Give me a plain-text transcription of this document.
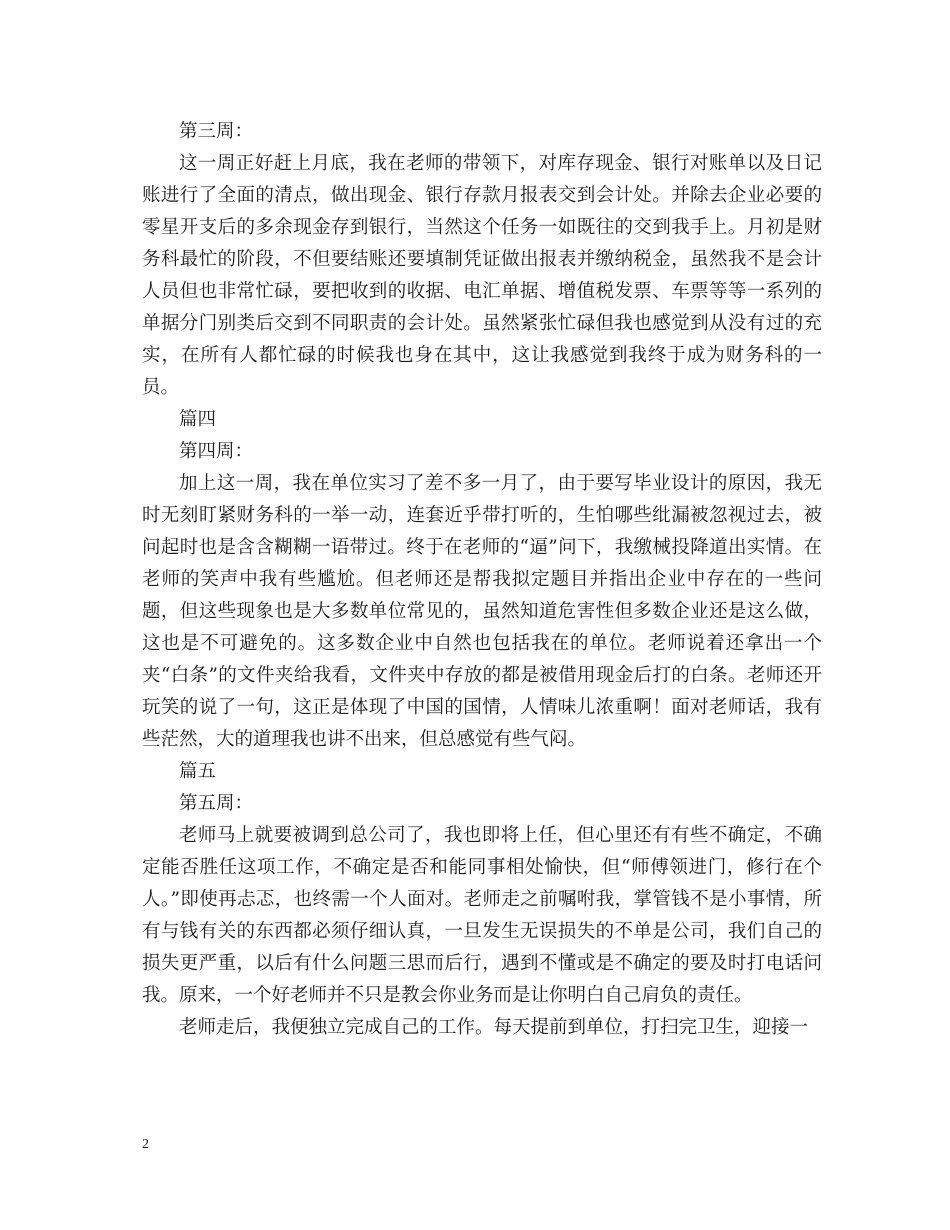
第三周：

这一周正好赶上月底，我在老师的带领下，对库存现金、银行对账单以及日记账进行了全面的清点，做出现金、银行存款月报表交到会计处。并除去企业必要的零星开支后的多余现金存到银行，当然这个任务一如既往的交到我手上。月初是财务科最忙的阶段，不但要结账还要填制凭证做出报表并缴纳税金，虽然我不是会计人员但也非常忙碌，要把收到的收据、电汇单据、增值税发票、车票等等一系列的单据分门别类后交到不同职责的会计处。虽然紧张忙碌但我也感觉到从没有过的充实，在所有人都忙碌的时候我也身在其中，这让我感觉到我终于成为财务科的一员。

篇四

第四周：

加上这一周，我在单位实习了差不多一月了，由于要写毕业设计的原因，我无时无刻盯紧财务科的一举一动，连套近乎带打听的，生怕哪些纰漏被忽视过去，被问起时也是含含糊糊一语带过。终于在老师的“逼”问下，我缴械投降道出实情。在老师的笑声中我有些尴尬。但老师还是帮我拟定题目并指出企业中存在的一些问题，但这些现象也是大多数单位常见的，虽然知道危害性但多数企业还是这么做，这也是不可避免的。这多数企业中自然也包括我在的单位。老师说着还拿出一个夹“白条”的文件夹给我看，文件夹中存放的都是被借用现金后打的白条。老师还开玩笑的说了一句，这正是体现了中国的国情，人情味儿浓重啊！面对老师话，我有些茫然，大的道理我也讲不出来，但总感觉有些气闷。

篇五

第五周：

老师马上就要被调到总公司了，我也即将上任，但心里还有有些不确定，不确定能否胜任这项工作，不确定是否和能同事相处愉快，但“师傅领进门，修行在个人。”即使再忐忑，也终需一个人面对。老师走之前嘱咐我，掌管钱不是小事情，所有与钱有关的东西都必须仔细认真，一旦发生无误损失的不单是公司，我们自己的损失更严重，以后有什么问题三思而后行，遇到不懂或是不确定的要及时打电话问我。原来，一个好老师并不只是教会你业务而是让你明白自己肩负的责任。

老师走后，我便独立完成自己的工作。每天提前到单位，打扫完卫生，迎接一

2
